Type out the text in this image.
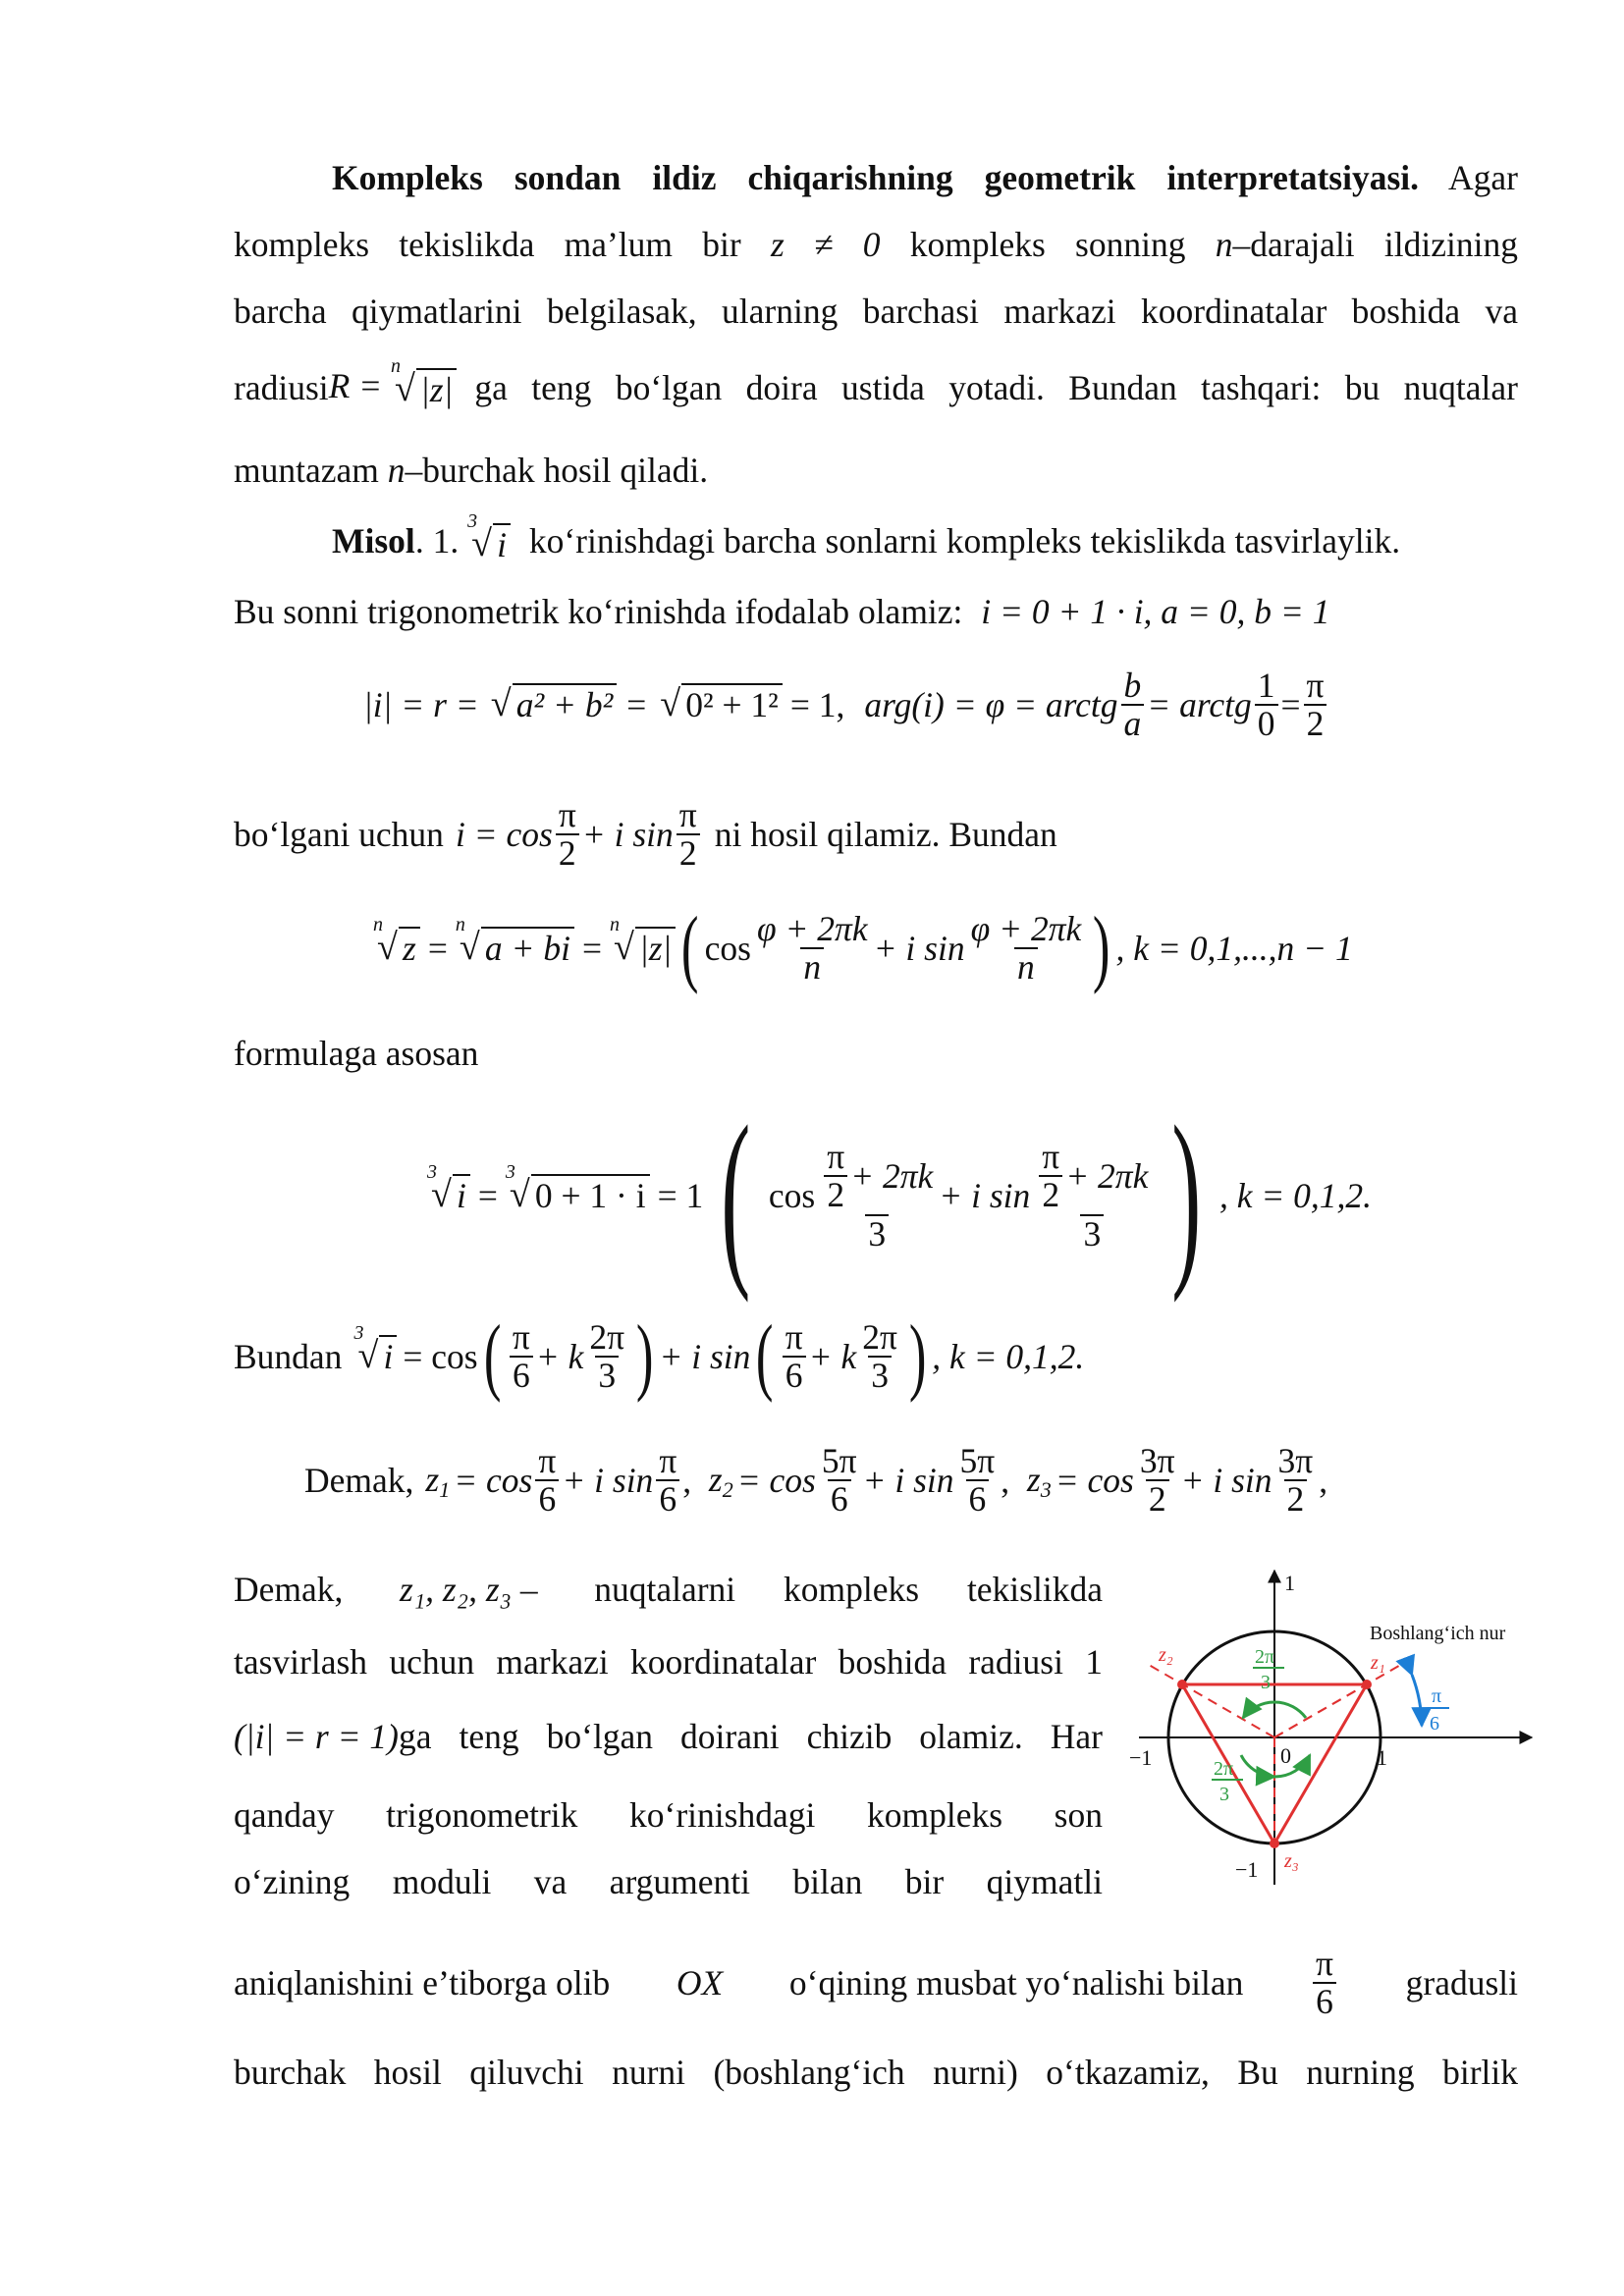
Kompleks sondan ildiz chiqarishning geometrik interpretatsiyasi. Agar
kompleks tekislikda ma’lum bir z ≠ 0 kompleks sonning n–darajali ildizining
barcha qiymatlarini belgilasak, ularning barchasi markazi koordinatalar boshida va
radiusi R =
n
√ |z| ga teng bo‘lgan doira ustida yotadi. Bundan tashqari: bu nuqtalar
muntazam n–burchak hosil qiladi.
Misol. 1.
3
√ i ko‘rinishdagi barcha sonlarni kompleks tekislikda tasvirlaylik.
Bu sonni trigonometrik ko‘rinishda ifodalab olamiz: i = 0 + 1 · i, a = 0, b = 1
|i| = r = √ a² + b² = √ 0² + 1² = 1, arg(i) = φ = arctg $\frac{b}{a}$ = arctg $\frac{1}{0} = \frac{\pi}{2}$
bo‘lgani uchun $i = \cos \frac{\pi}{2} + i$ $\sin \frac{\pi}{2}$ ni hosil qilamiz. Bundan
n
√ z =
n
√ a + bi =
n
√ |z| ( $\cos \frac{\varphi + 2\pi k}{n} + i$ $\sin \frac{\varphi + 2\pi k}{n}$ ) , k = 0,1,...,n − 1
formulaga asosan
3
√ i =
3
√ 0 + 1 · i = 1 ( $\cos \frac{\frac{\pi}{2} + 2\pi k}{3} + i$ $\sin \frac{\frac{\pi}{2} + 2\pi k}{3}$ ) , k = 0,1,2.
Bundan
3
√ i = cos ( $\frac{\pi}{6} + k \frac{2\pi}{3}$ ) + i sin ( $\frac{\pi}{6} + k \frac{2\pi}{3}$ ) , k = 0,1,2.
Demak, $z_1 = \cos \frac{\pi}{6} + i$ $\sin \frac{\pi}{6}$ , $z_2 = \cos \frac{5\pi}{6} + i$ $\sin \frac{5\pi}{6}$ , $z_3 = \cos \frac{3\pi}{2} + i$ $\sin \frac{3\pi}{2}$ ,
Demak, z₁, z₂, z₃ – nuqtalarni kompleks tekislikda
tasvirlash uchun markazi koordinatalar boshida radiusi 1
(|i| = r = 1) ga teng bo‘lgan doirani chizib olamiz. Har
qanday trigonometrik ko‘rinishdagi kompleks son
o‘zining moduli va argumenti bilan bir qiymatli
aniqlanishini e’tiborga olib OX o‘qining musbat yo‘nalishi bilan $\frac{\pi}{6}$ gradusli
burchak hosil qiluvchi nurni (boshlang‘ich nurni) o‘tkazamiz, Bu nurning birlik
1
1
−1
−1
0
Boshlang‘ich nur
z₁
z₂
z₃
2π
3
2π
3
π
6
